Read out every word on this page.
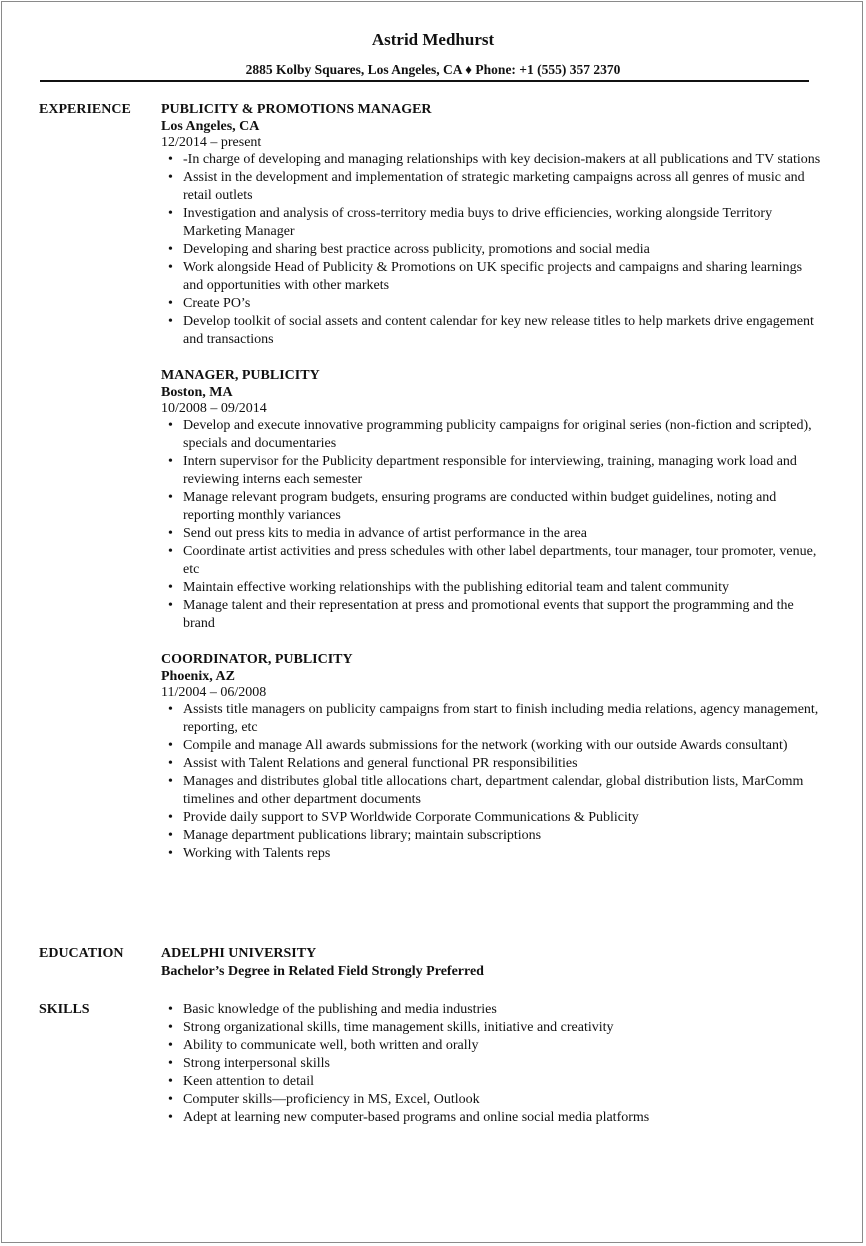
Astrid Medhurst
2885 Kolby Squares, Los Angeles, CA ♦ Phone: +1 (555) 357 2370
EXPERIENCE PUBLICITY & PROMOTIONS MANAGER
Los Angeles, CA
12/2014 – present
• -In charge of developing and managing relationships with key decision-makers at all publications and TV stations
• Assist in the development and implementation of strategic marketing campaigns across all genres of music and retail outlets
• Investigation and analysis of cross-territory media buys to drive efficiencies, working alongside Territory Marketing Manager
• Developing and sharing best practice across publicity, promotions and social media
• Work alongside Head of Publicity & Promotions on UK specific projects and campaigns and sharing learnings and opportunities with other markets
• Create PO’s
• Develop toolkit of social assets and content calendar for key new release titles to help markets drive engagement and transactions
MANAGER, PUBLICITY
Boston, MA
10/2008 – 09/2014
• Develop and execute innovative programming publicity campaigns for original series (non-fiction and scripted), specials and documentaries
• Intern supervisor for the Publicity department responsible for interviewing, training, managing work load and reviewing interns each semester
• Manage relevant program budgets, ensuring programs are conducted within budget guidelines, noting and reporting monthly variances
• Send out press kits to media in advance of artist performance in the area
• Coordinate artist activities and press schedules with other label departments, tour manager, tour promoter, venue, etc
• Maintain effective working relationships with the publishing editorial team and talent community
• Manage talent and their representation at press and promotional events that support the programming and the brand
COORDINATOR, PUBLICITY
Phoenix, AZ
11/2004 – 06/2008
• Assists title managers on publicity campaigns from start to finish including media relations, agency management, reporting, etc
• Compile and manage All awards submissions for the network (working with our outside Awards consultant)
• Assist with Talent Relations and general functional PR responsibilities
• Manages and distributes global title allocations chart, department calendar, global distribution lists, MarComm timelines and other department documents
• Provide daily support to SVP Worldwide Corporate Communications & Publicity
• Manage department publications library; maintain subscriptions
• Working with Talents reps
EDUCATION	ADELPHI UNIVERSITY
Bachelor’s Degree in Related Field Strongly Preferred
SKILLS
•	Basic knowledge of the publishing and media industries
• Strong organizational skills, time management skills, initiative and creativity
• Ability to communicate well, both written and orally
• Strong interpersonal skills
• Keen attention to detail
• Computer skills—proficiency in MS, Excel, Outlook
• Adept at learning new computer-based programs and online social media platforms
